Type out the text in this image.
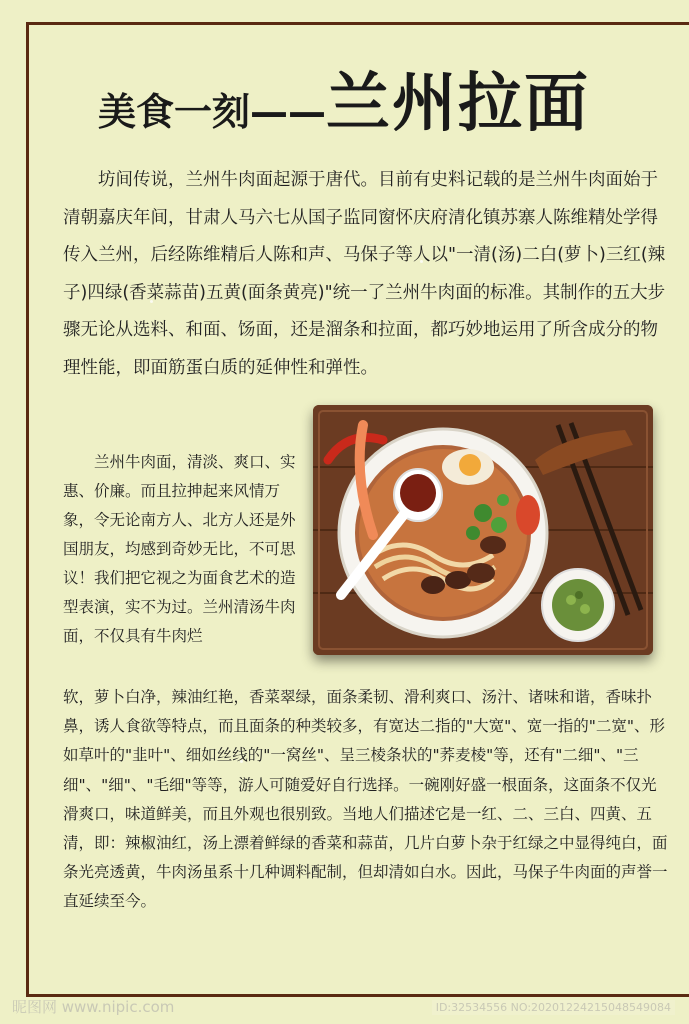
美食一刻——兰州拉面

坊间传说，兰州牛肉面起源于唐代。目前有史料记载的是兰州牛肉面始于清朝嘉庆年间，甘肃人马六七从国子监同窗怀庆府清化镇苏寨人陈维精处学得传入兰州，后经陈维精后人陈和声、马保子等人以"一清(汤)二白(萝卜)三红(辣子)四绿(香菜蒜苗)五黄(面条黄亮)"统一了兰州牛肉面的标准。其制作的五大步骤无论从选料、和面、饧面，还是溜条和拉面，都巧妙地运用了所含成分的物理性能，即面筋蛋白质的延伸性和弹性。

兰州牛肉面，清淡、爽口、实惠、价廉。而且拉抻起来风情万象，令无论南方人、北方人还是外国朋友，均感到奇妙无比，不可思议！我们把它视之为面食艺术的造型表演，实不为过。兰州清汤牛肉面，不仅具有牛肉烂

软，萝卜白净，辣油红艳，香菜翠绿，面条柔韧、滑利爽口、汤汁、诸味和谐，香味扑鼻，诱人食欲等特点，而且面条的种类较多，有宽达二指的"大宽"、宽一指的"二宽"、形如草叶的"韭叶"、细如丝线的"一窝丝"、呈三棱条状的"荞麦棱"等，还有"二细"、"三细"、"细"、"毛细"等等，游人可随爱好自行选择。一碗刚好盛一根面条，这面条不仅光滑爽口，味道鲜美，而且外观也很别致。当地人们描述它是一红、二、三白、四黄、五清，即：辣椒油红，汤上漂着鲜绿的香菜和蒜苗，几片白萝卜杂于红绿之中显得纯白，面条光亮透黄，牛肉汤虽系十几种调料配制，但却清如白水。因此，马保子牛肉面的声誉一直延续至今。

昵图网 www.nipic.com	ID:32534556 NO:20201224215048549084
